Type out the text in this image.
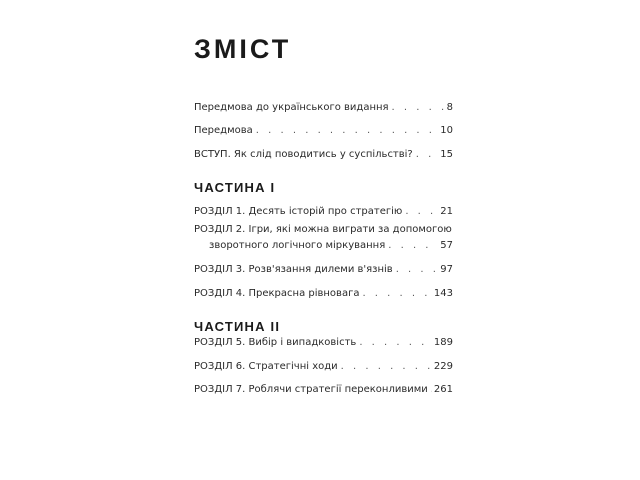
ЗМІСТ
Передмова до українського видання . . .	8
Передмова . . .	10
ВСТУП. Як слід поводитись у суспільстві? . . .	15
ЧАСТИНА I
РОЗДІЛ 1. Десять історій про стратегію . . .	21
РОЗДІЛ 2. Ігри, які можна виграти за допомогою
зворотного логічного міркування . . .	57
РОЗДІЛ 3. Розв'язання дилеми в'язнів . . .	97
РОЗДІЛ 4. Прекрасна рівновага . . .	143
ЧАСТИНА II
РОЗДІЛ 5. Вибір і випадковість . . .	189
РОЗДІЛ 6. Стратегічні ходи . . .	229
РОЗДІЛ 7. Роблячи стратегії переконливими . . . 261
